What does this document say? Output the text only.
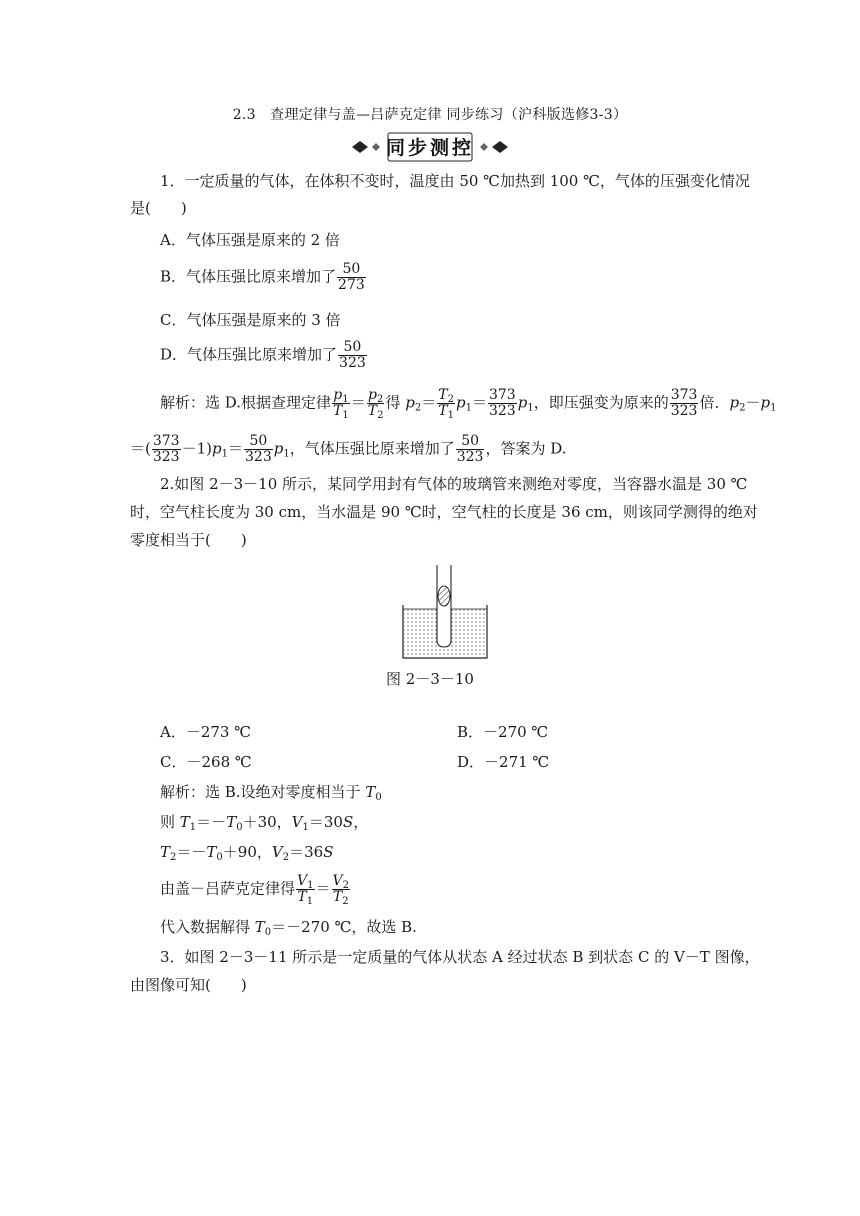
2.3　查理定律与盖—吕萨克定律 同步练习（沪科版选修3-3）
同步测控
1．一定质量的气体，在体积不变时，温度由 50 ℃加热到 100 ℃，气体的压强变化情况
是(　　)
A．气体压强是原来的 2 倍
B．气体压强比原来增加了 $\frac{50}{273}$
C．气体压强是原来的 3 倍
D．气体压强比原来增加了 $\frac{50}{323}$
解析：选 D.根据查理定律 $\frac{p_1}{T_1} = \frac{p_2}{T_2}$ 得 $p_2= \frac{T_2}{T_1} p_1= \frac{373}{323} p_1$，即压强变为原来的 $\frac{373}{323}$ 倍．$p_2-p_1$
＝( $\frac{373}{323} -1)p_1= \frac{50}{323} p_1$，气体压强比原来增加了 $\frac{50}{323}$ ，答案为 D.
2.如图 2－3－10 所示，某同学用封有气体的玻璃管来测绝对零度，当容器水温是 30 ℃
时，空气柱长度为 30 cm，当水温是 90 ℃时，空气柱的长度是 36 cm，则该同学测得的绝对
零度相当于(　　)
图 2－3－10
A．－273 ℃	B．－270 ℃
C．－268 ℃	D．－271 ℃
解析：选 B.设绝对零度相当于 $T_0$
则 $T_1=-T_0+30$，$V_1=30S$，
$T_2=-T_0+90$，$V_2=36S$
由盖－吕萨克定律得 $\frac{V_1}{T_1} = \frac{V_2}{T_2}$
代入数据解得 $T_0=-270$ ℃，故选 B.
3．如图 2－3－11 所示是一定质量的气体从状态 A 经过状态 B 到状态 C 的 V－T 图像，
由图像可知(　　)
